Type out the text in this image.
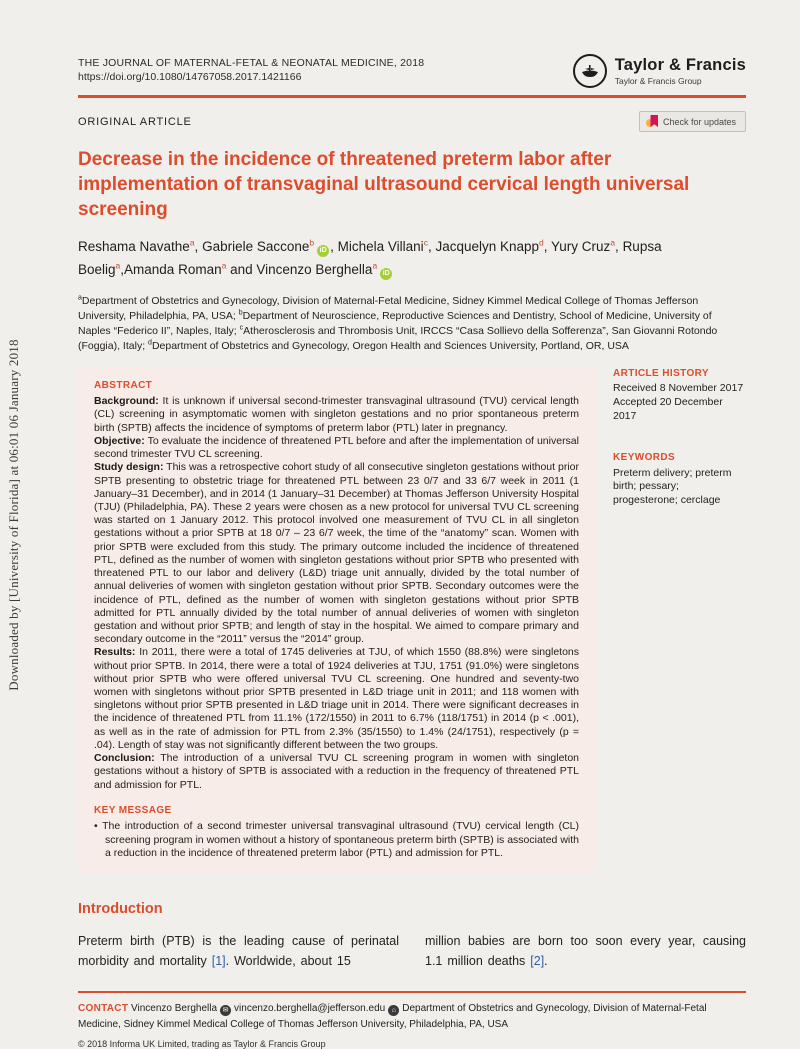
Downloaded by [University of Florida] at 06:01 06 January 2018
THE JOURNAL OF MATERNAL-FETAL & NEONATAL MEDICINE, 2018
https://doi.org/10.1080/14767058.2017.1421166
Taylor & Francis
Taylor & Francis Group
ORIGINAL ARTICLE	Check for updates
Decrease in the incidence of threatened preterm labor after implementation of transvaginal ultrasound cervical length universal screening
Reshama Navathe$^a$, Gabriele Saccone$^b$iD , Michela Villani$^c$, Jacquelyn Knapp$^d$, Yury Cruz$^a$, Rupsa Boelig$^a$,Amanda Roman$^a$ and Vincenzo Berghella$^a$iD
$^a$Department of Obstetrics and Gynecology, Division of Maternal-Fetal Medicine, Sidney Kimmel Medical College of Thomas Jefferson University, Philadelphia, PA, USA; $^b$Department of Neuroscience, Reproductive Sciences and Dentistry, School of Medicine, University of Naples “Federico II”, Naples, Italy; $^c$Atherosclerosis and Thrombosis Unit, IRCCS “Casa Sollievo della Sofferenza”, San Giovanni Rotondo (Foggia), Italy; $^d$Department of Obstetrics and Gynecology, Oregon Health and Sciences University, Portland, OR, USA
ABSTRACT

Background: It is unknown if universal second-trimester transvaginal ultrasound (TVU) cervical length (CL) screening in asymptomatic women with singleton gestations and no prior spontaneous preterm birth (SPTB) affects the incidence of symptoms of preterm labor (PTL) later in pregnancy.

Objective: To evaluate the incidence of threatened PTL before and after the implementation of universal second trimester TVU CL screening.

Study design: This was a retrospective cohort study of all consecutive singleton gestations without prior SPTB presenting to obstetric triage for threatened PTL between 23 0/7 and 33 6/7 week in 2011 (1 January–31 December), and in 2014 (1 January–31 December) at Thomas Jefferson University Hospital (TJU) (Philadelphia, PA). These 2 years were chosen as a new protocol for universal TVU CL screening was started on 1 January 2012. This protocol involved one measurement of TVU CL in all singleton gestations without a prior SPTB at 18 0/7 – 23 6/7 week, the time of the “anatomy” scan. Women with prior SPTB were excluded from this study. The primary outcome included the incidence of threatened PTL, defined as the number of women with singleton gestations without prior SPTB who presented with threatened PTL to our labor and delivery (L&D) triage unit annually, divided by the total number of annual deliveries of women with singleton gestation without prior SPTB. Secondary outcomes were the incidence of PTL, defined as the number of women with singleton gestations without prior SPTB admitted for PTL annually divided by the total number of annual deliveries of women with singleton gestation and without prior SPTB; and length of stay in the hospital. We aimed to compare primary and secondary outcome in the “2011” versus the “2014” group.

Results: In 2011, there were a total of 1745 deliveries at TJU, of which 1550 (88.8%) were singletons without prior SPTB. In 2014, there were a total of 1924 deliveries at TJU, 1751 (91.0%) were singletons without prior SPTB who were offered universal TVU CL screening. One hundred and seventy-two women with singletons without prior SPTB presented in L&D triage unit in 2011; and 118 women with singletons without prior SPTB presented in L&D triage unit in 2014. There were significant decreases in the incidence of threatened PTL from 11.1% (172/1550) in 2011 to 6.7% (118/1751) in 2014 (p < .001), as well as in the rate of admission for PTL from 2.3% (35/1550) to 1.4% (24/1751), respectively (p = .04). Length of stay was not significantly different between the two groups.

Conclusion: The introduction of a universal TVU CL screening program in women with singleton gestations without a history of SPTB is associated with a reduction in the frequency of threatened PTL and admission for PTL.

KEY MESSAGE

• The introduction of a second trimester universal transvaginal ultrasound (TVU) cervical length (CL) screening program in women without a history of spontaneous preterm birth (SPTB) is associated with a reduction in the incidence of threatened preterm labor (PTL) and admission for PTL.

ARTICLE HISTORY
Received 8 November 2017
Accepted 20 December 2017
KEYWORDS
Preterm delivery; preterm birth; pessary; progesterone; cerclage
Introduction
Preterm birth (PTB) is the leading cause of perinatal morbidity and mortality [1]. Worldwide, about 15
million babies are born too soon every year, causing 1.1 million deaths [2].
CONTACT Vincenzo Berghella ✉ vincenzo.berghella@jefferson.edu ⌂ Department of Obstetrics and Gynecology, Division of Maternal-Fetal Medicine, Sidney Kimmel Medical College of Thomas Jefferson University, Philadelphia, PA, USA
© 2018 Informa UK Limited, trading as Taylor & Francis Group
